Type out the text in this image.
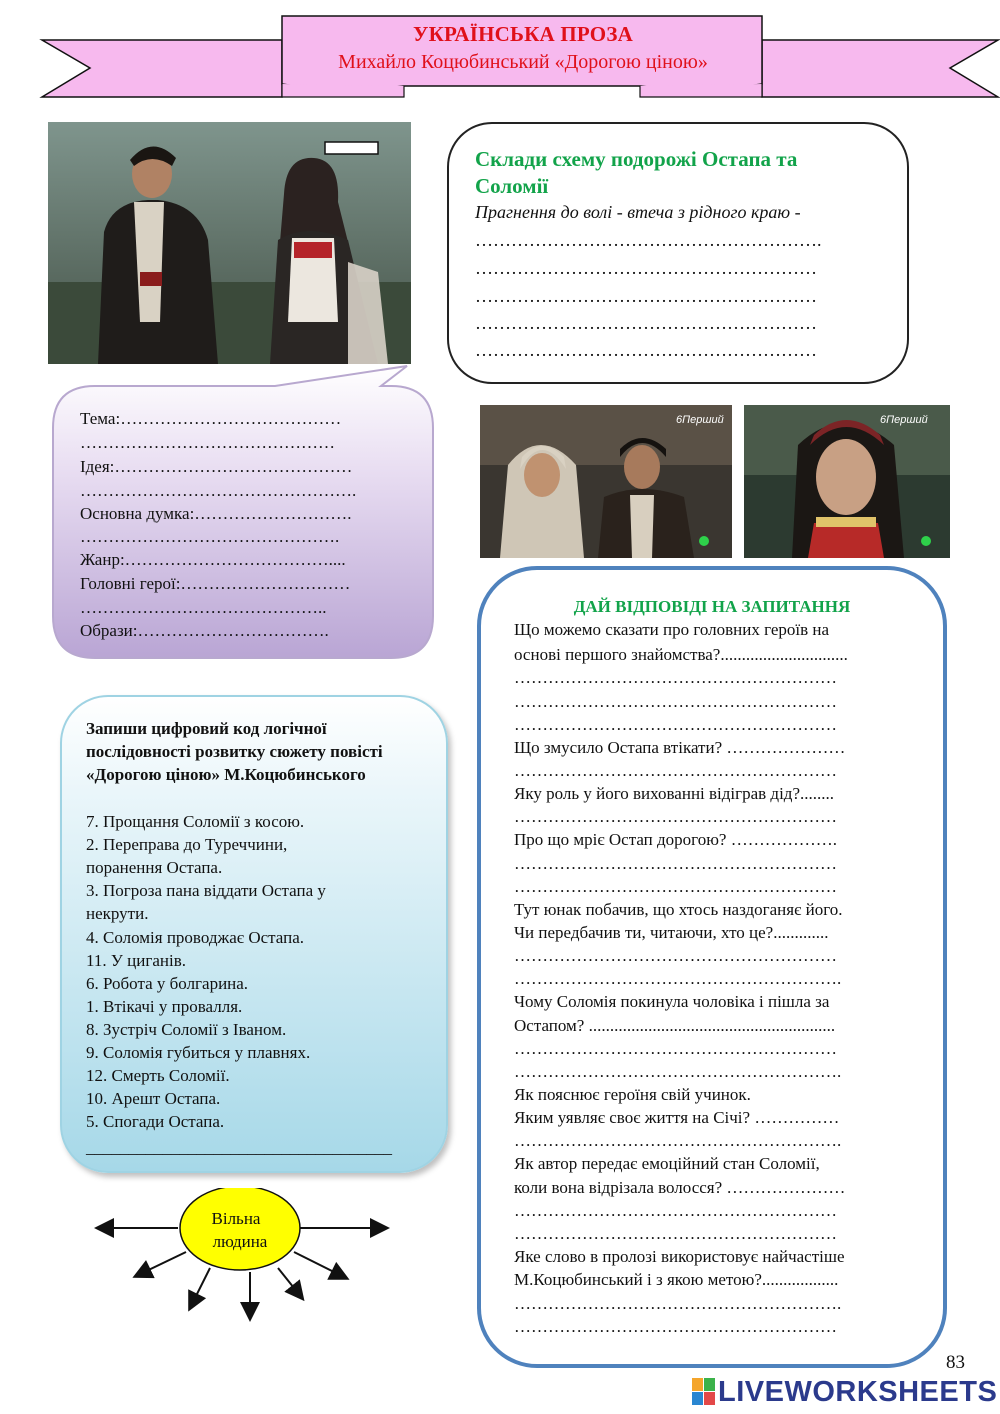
УКРАЇНСЬКА ПРОЗА
Михайло Коцюбинський «Дорогою ціною»
Склади схему подорожі Остапа та Соломії
Прагнення до волі - втеча з рідного краю -
………………………………………………….
…………………………………………………
…………………………………………………
…………………………………………………
…………………………………………………
Тема:…………………………………
………………………………………
Ідея:……………………………………
………………………………………….
Основна думка:……………………….
……………………………………….
Жанр:………………………………....
Головні герої:…………………………
……………………………………..
Образи:…………………………….
6Перший	6Перший
Запиши цифровий код логічної послідовності розвитку сюжету повісті «Дорогою ціною» М.Коцюбинського
7. Прощання Соломії з косою.
2. Переправа до Туреччини,
поранення Остапа.
3. Погроза пана віддати Остапа у
некрути.
4. Соломія проводжає Остапа.
11. У циганів.
6. Робота у болгарина.
1. Втікачі у провалля.
8. Зустріч Соломії з Іваном.
9. Соломія губиться у плавнях.
12. Смерть Соломії.
10. Арешт Остапа.
5. Спогади Остапа.
____________________________________
Вільна
людина
ДАЙ ВІДПОВІДІ НА ЗАПИТАННЯ
Що можемо сказати про головних героїв на
основі першого знайомства?..............................
…………………………………………………
…………………………………………………
…………………………………………………
Що змусило Остапа втікати? …………………
…………………………………………………
Яку роль у його вихованні відіграв дід?........
…………………………………………………
Про що мріє Остап дорогою? ……………….
…………………………………………………
…………………………………………………
Тут юнак побачив, що хтось наздоганяє його.
Чи передбачив ти, читаючи, хто це?.............
…………………………………………………
………………………………………………….
Чому Соломія покинула чоловіка і пішла за
Остапом? ..........................................................
…………………………………………………
………………………………………………….
Як пояснює героїня свій учинок.
Яким уявляє своє життя на Січі? ……………
………………………………………………….
Як автор передає емоційний стан Соломії,
коли вона відрізала волосся? …………………
…………………………………………………
…………………………………………………
Яке слово в пролозі використовує найчастіше
М.Коцюбинський і з якою метою?..................
………………………………………………….
…………………………………………………
83
LIVEWORKSHEETS
